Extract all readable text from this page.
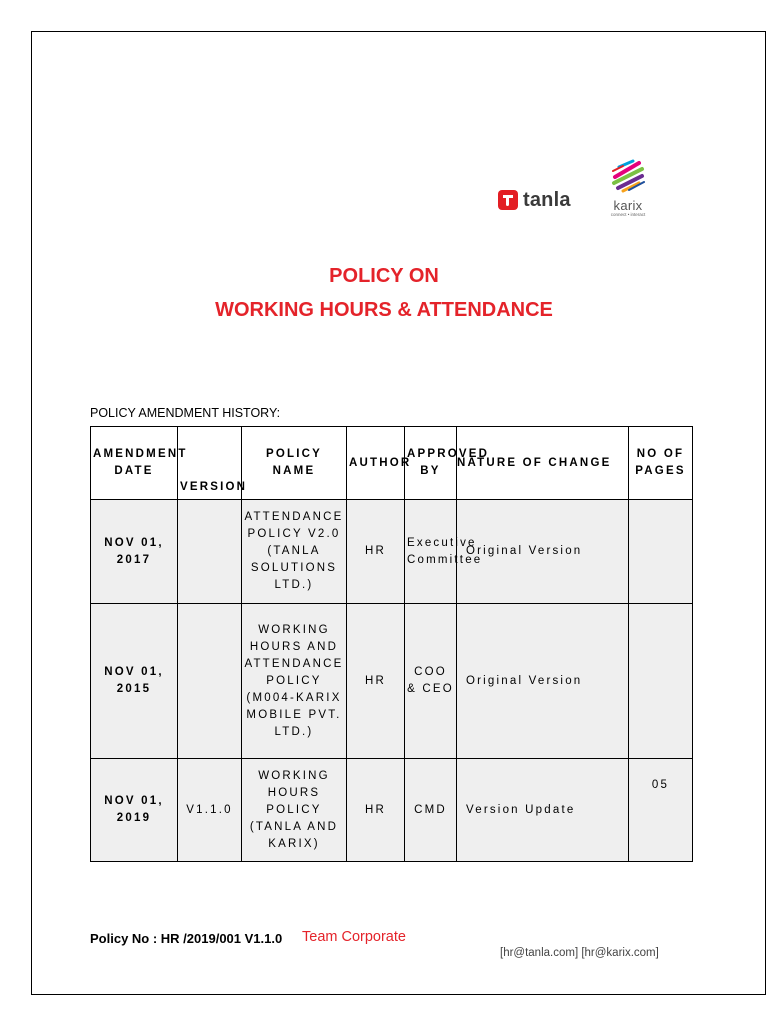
tanla	karix
connect • interact
POLICY ON
WORKING HOURS & ATTENDANCE
POLICY AMENDMENT HISTORY:
AMENDMENT DATE	VERSION	POLICY NAME	AUTHOR	APPROVED BY	NATURE OF CHANGE	NO OF PAGES
NOV 01, 2017		ATTENDANCE POLICY V2.0 (TANLA SOLUTIONS LTD.)	HR	Executive Committee	Original Version	
NOV 01, 2015		WORKING HOURS AND ATTENDANCE POLICY (M004-KARIX MOBILE PVT. LTD.)	HR	COO & CEO	Original Version	
NOV 01, 2019	V1.1.0	WORKING HOURS POLICY (TANLA AND KARIX)	HR	CMD	Version Update	05
Policy No : HR /2019/001 V1.1.0 Team Corporate
[hr@tanla.com] [hr@karix.com]
